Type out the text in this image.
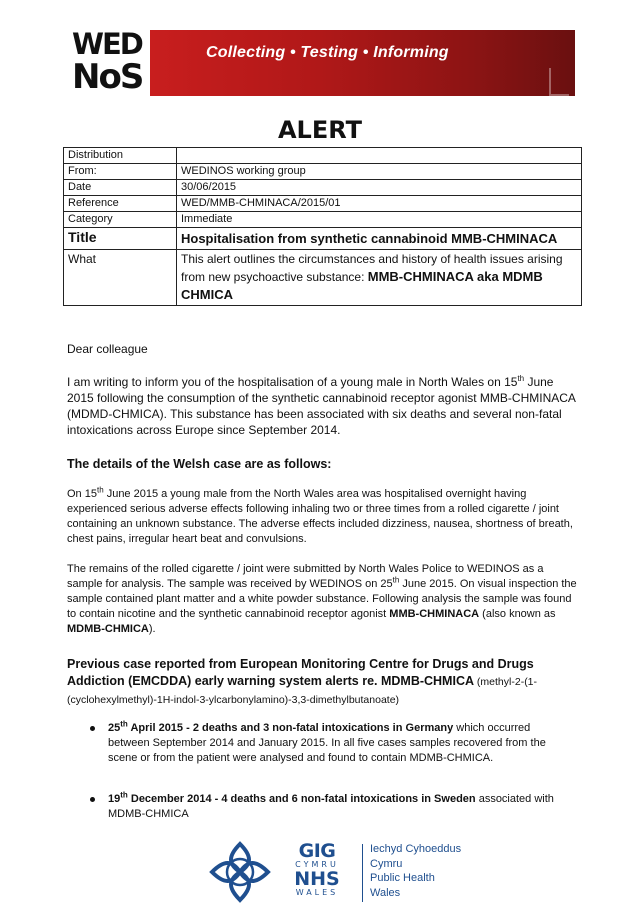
WED
NoS
Collecting • Testing • Informing
ALERT
Distribution	
From:	WEDINOS working group
Date	30/06/2015
Reference	WED/MMB-CHMINACA/2015/01
Category	Immediate
Title	Hospitalisation from synthetic cannabinoid MMB-CHMINACA
What	This alert outlines the circumstances and history of health issues arising from new psychoactive substance: MMB-CHMINACA aka MDMB CHMICA
Dear colleague
I am writing to inform you of the hospitalisation of a young male in North Wales on 15th June 2015 following the consumption of the synthetic cannabinoid receptor agonist MMB-CHMINACA (MDMD-CHMICA). This substance has been associated with six deaths and several non-fatal intoxications across Europe since September 2014.
The details of the Welsh case are as follows:
On 15th June 2015 a young male from the North Wales area was hospitalised overnight having experienced serious adverse effects following inhaling two or three times from a rolled cigarette / joint containing an unknown substance. The adverse effects included dizziness, nausea, shortness of breath, chest pains, irregular heart beat and convulsions.
The remains of the rolled cigarette / joint were submitted by North Wales Police to WEDINOS as a sample for analysis. The sample was received by WEDINOS on 25th June 2015. On visual inspection the sample contained plant matter and a white powder substance. Following analysis the sample was found to contain nicotine and the synthetic cannabinoid receptor agonist MMB-CHMINACA (also known as MDMB-CHMICA).
Previous case reported from European Monitoring Centre for Drugs and Drugs Addiction (EMCDDA) early warning system alerts re. MDMB-CHMICA (methyl-2-(1-(cyclohexylmethyl)-1H-indol-3-ylcarbonylamino)-3,3-dimethylbutanoate)
25th April 2015 - 2 deaths and 3 non-fatal intoxications in Germany which occurred between September 2014 and January 2015. In all five cases samples recovered from the scene or from the patient were analysed and found to contain MDMB-CHMICA.
19th December 2014 - 4 deaths and 6 non-fatal intoxications in Sweden associated with MDMB-CHMICA
GIG
CYMRU
NHS
WALES
Iechyd Cyhoeddus
Cymru
Public Health
Wales
